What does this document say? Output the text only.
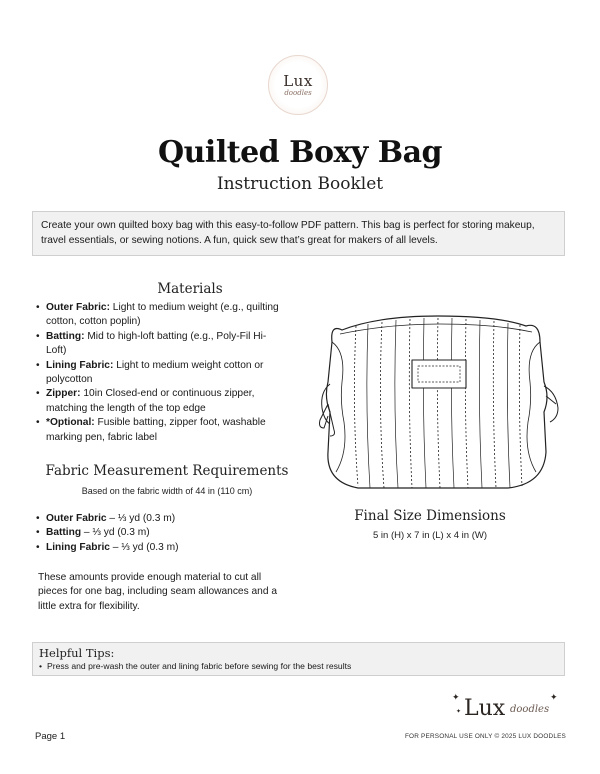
Lux
doodles
Quilted Boxy Bag
Instruction Booklet
Create your own quilted boxy bag with this easy-to-follow PDF pattern. This bag is perfect for storing makeup, travel essentials, or sewing notions. A fun, quick sew that’s great for makers of all levels.
Materials
• Outer Fabric: Light to medium weight (e.g., quilting cotton, cotton poplin)
• Batting: Mid to high-loft batting (e.g., Poly-Fil Hi-Loft)
• Lining Fabric: Light to medium weight cotton or polycotton
• Zipper: 10in Closed-end or continuous zipper, matching the length of the top edge
• *Optional: Fusible batting, zipper foot, washable marking pen, fabric label
Fabric Measurement Requirements
Based on the fabric width of 44 in (110 cm)
• Outer Fabric – ⅓ yd (0.3 m)
• Batting – ⅓ yd (0.3 m)
• Lining Fabric – ⅓ yd (0.3 m)
These amounts provide enough material to cut all pieces for one bag, including seam allowances and a little extra for flexibility.
Final Size Dimensions
5 in (H) x 7 in (L) x 4 in (W)
Helpful Tips:
• Press and pre-wash the outer and lining fabric before sewing for the best results
✦
✦
✦
Lux doodles
Page 1	FOR PERSONAL USE ONLY © 2025 LUX DOODLES
